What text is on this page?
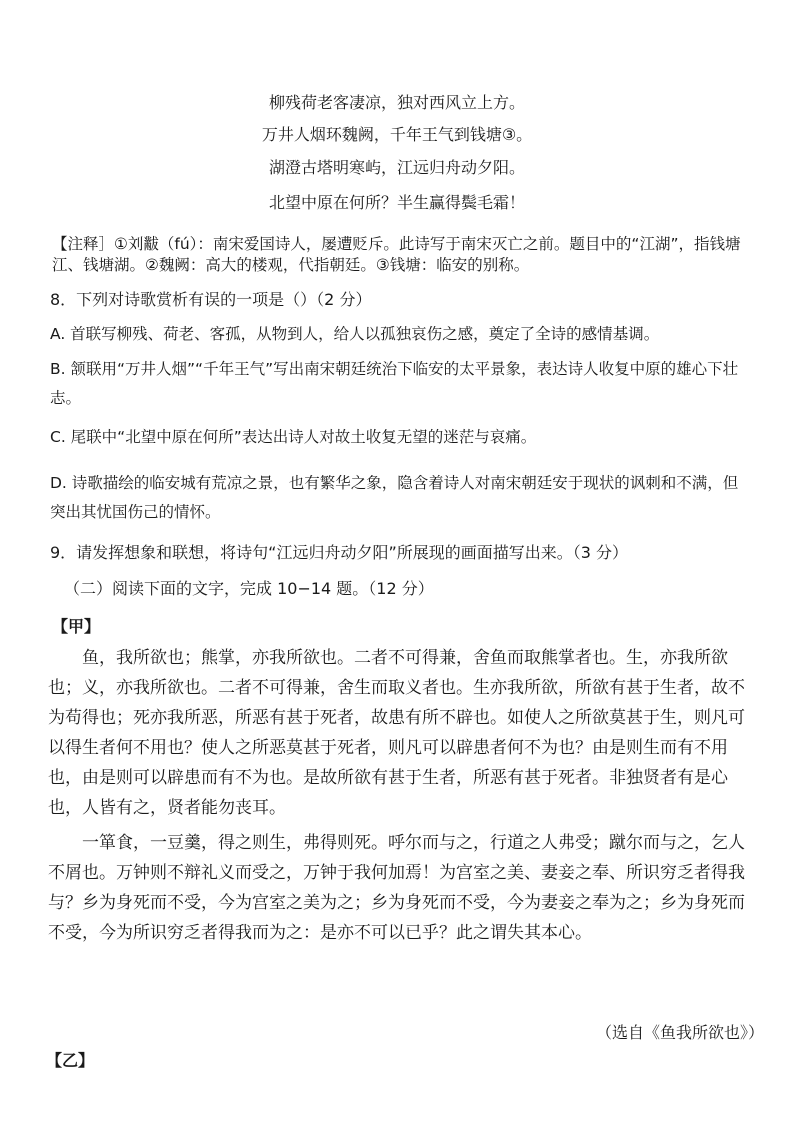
柳残荷老客凄凉，独对西风立上方。
万井人烟环魏阙，千年王气到钱塘③。
湖澄古塔明寒屿，江远归舟动夕阳。
北望中原在何所？半生赢得鬓毛霜！
【注释］①刘黻（fú）：南宋爱国诗人，屡遭贬斥。此诗写于南宋灭亡之前。题目中的“江湖”，指钱塘江、钱塘湖。②魏阙：高大的楼观，代指朝廷。③钱塘：临安的别称。
8．下列对诗歌赏析有误的一项是（）（2 分）
A. 首联写柳残、荷老、客孤，从物到人，给人以孤独哀伤之感，奠定了全诗的感情基调。
B. 颔联用“万井人烟”“千年王气”写出南宋朝廷统治下临安的太平景象，表达诗人收复中原的雄心下壮志。
C. 尾联中“北望中原在何所”表达出诗人对故土收复无望的迷茫与哀痛。
D. 诗歌描绘的临安城有荒凉之景，也有繁华之象，隐含着诗人对南宋朝廷安于现状的讽刺和不满，但突出其忧国伤己的情怀。
9．请发挥想象和联想，将诗句“江远归舟动夕阳”所展现的画面描写出来。（3 分）
（二）阅读下面的文字，完成 10−14 题。（12 分）
【甲】
鱼，我所欲也；熊掌，亦我所欲也。二者不可得兼，舍鱼而取熊掌者也。生，亦我所欲也；义，亦我所欲也。二者不可得兼，舍生而取义者也。生亦我所欲，所欲有甚于生者，故不为苟得也；死亦我所恶，所恶有甚于死者，故患有所不辟也。如使人之所欲莫甚于生，则凡可以得生者何不用也？使人之所恶莫甚于死者，则凡可以辟患者何不为也？由是则生而有不用也，由是则可以辟患而有不为也。是故所欲有甚于生者，所恶有甚于死者。非独贤者有是心也，人皆有之，贤者能勿丧耳。
一箪食，一豆羹，得之则生，弗得则死。呼尔而与之，行道之人弗受；蹴尔而与之，乞人不屑也。万钟则不辩礼义而受之，万钟于我何加焉！为宫室之美、妻妾之奉、所识穷乏者得我与？乡为身死而不受，今为宫室之美为之；乡为身死而不受，今为妻妾之奉为之；乡为身死而不受，今为所识穷乏者得我而为之：是亦不可以已乎？此之谓失其本心。
（选自《鱼我所欲也》）
【乙】
